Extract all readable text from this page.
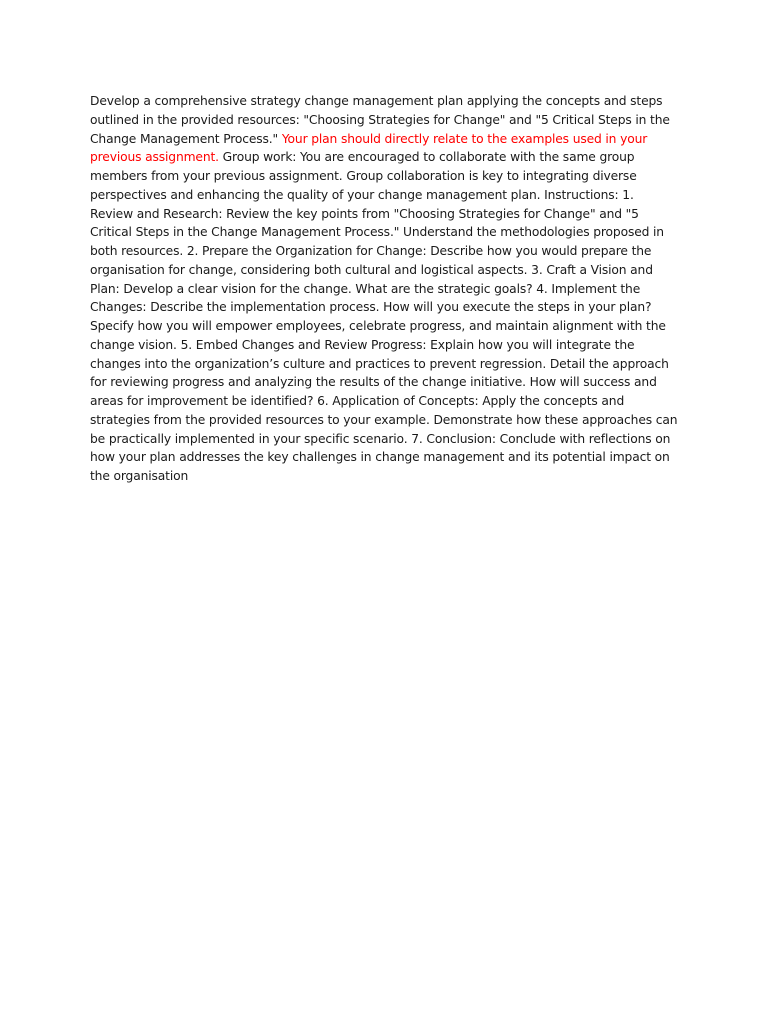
Develop a comprehensive strategy change management plan applying the concepts and steps outlined in the provided resources: "Choosing Strategies for Change" and "5 Critical Steps in the Change Management Process." Your plan should directly relate to the examples used in your previous assignment. Group work: You are encouraged to collaborate with the same group members from your previous assignment. Group collaboration is key to integrating diverse perspectives and enhancing the quality of your change management plan. Instructions: 1. Review and Research: Review the key points from "Choosing Strategies for Change" and "5 Critical Steps in the Change Management Process." Understand the methodologies proposed in both resources. 2. Prepare the Organization for Change: Describe how you would prepare the organisation for change, considering both cultural and logistical aspects. 3. Craft a Vision and Plan: Develop a clear vision for the change. What are the strategic goals? 4. Implement the Changes: Describe the implementation process. How will you execute the steps in your plan? Specify how you will empower employees, celebrate progress, and maintain alignment with the change vision. 5. Embed Changes and Review Progress: Explain how you will integrate the changes into the organization’s culture and practices to prevent regression. Detail the approach for reviewing progress and analyzing the results of the change initiative. How will success and areas for improvement be identified? 6. Application of Concepts: Apply the concepts and strategies from the provided resources to your example. Demonstrate how these approaches can be practically implemented in your specific scenario. 7. Conclusion: Conclude with reflections on how your plan addresses the key challenges in change management and its potential impact on the organisation
